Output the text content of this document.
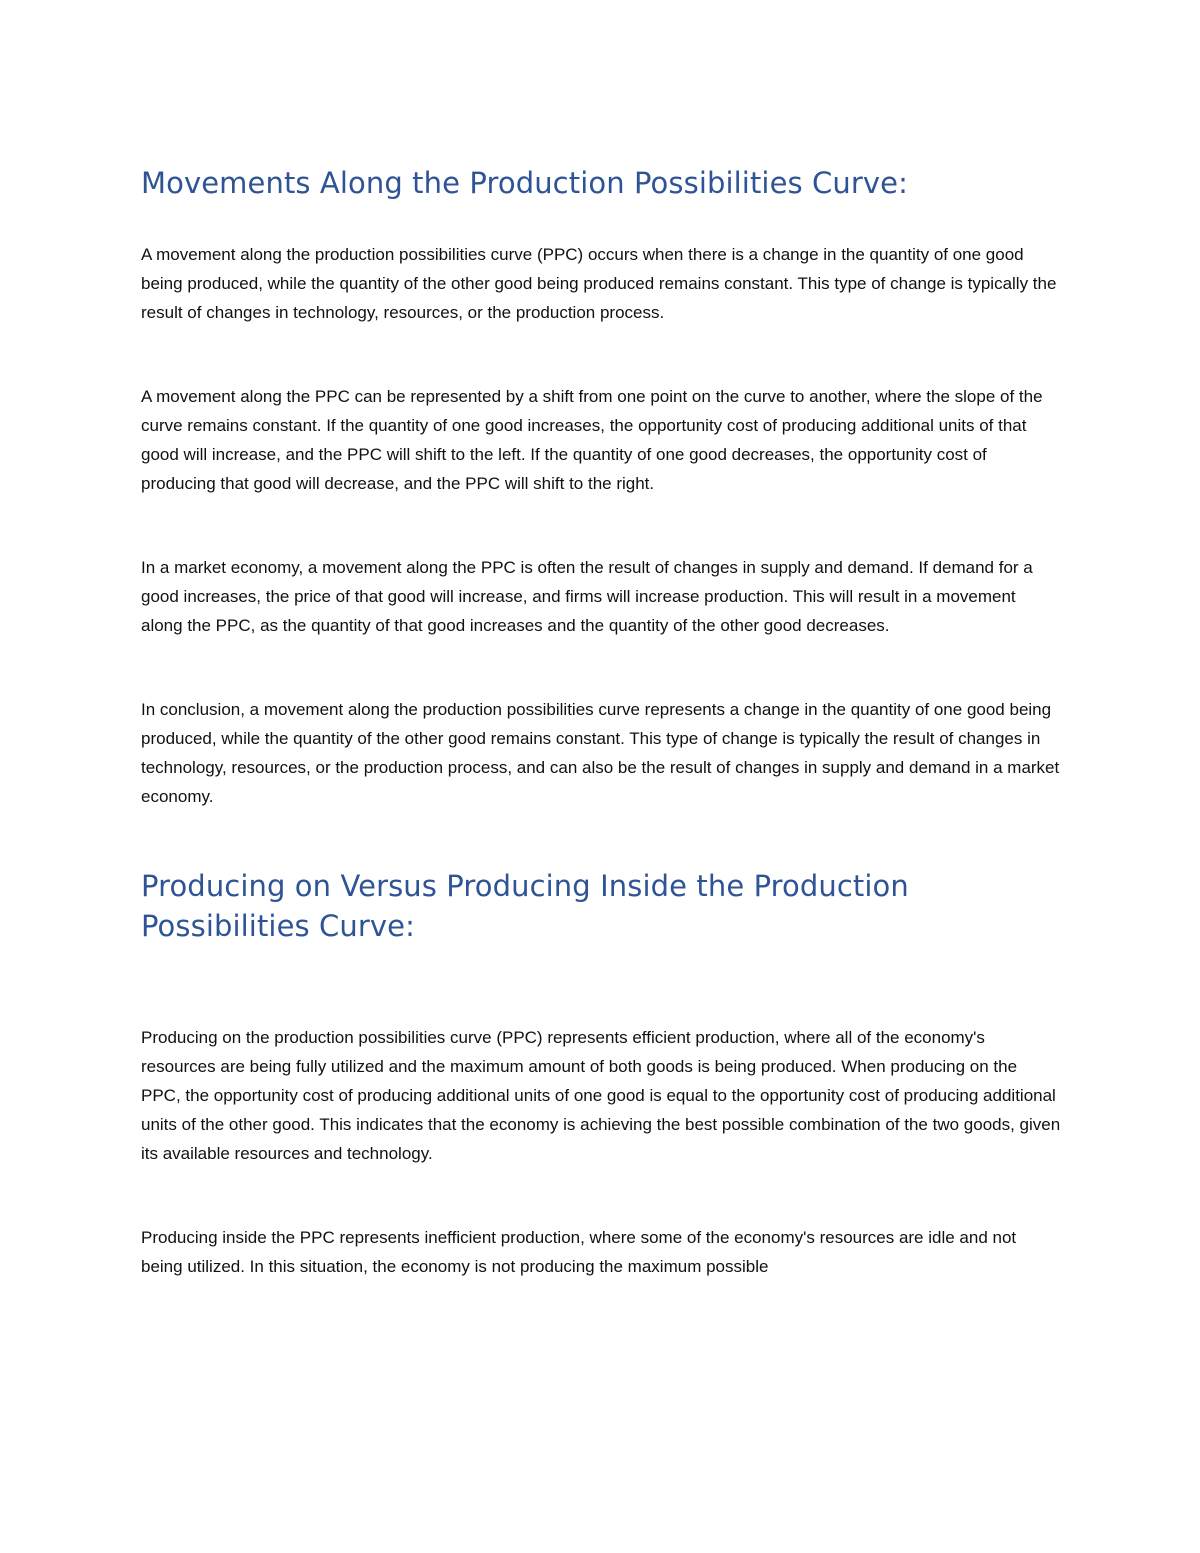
Movements Along the Production Possibilities Curve:

A movement along the production possibilities curve (PPC) occurs when there is a change in the quantity of one good being produced, while the quantity of the other good being produced remains constant. This type of change is typically the result of changes in technology, resources, or the production process.

A movement along the PPC can be represented by a shift from one point on the curve to another, where the slope of the curve remains constant. If the quantity of one good increases, the opportunity cost of producing additional units of that good will increase, and the PPC will shift to the left. If the quantity of one good decreases, the opportunity cost of producing that good will decrease, and the PPC will shift to the right.

In a market economy, a movement along the PPC is often the result of changes in supply and demand. If demand for a good increases, the price of that good will increase, and firms will increase production. This will result in a movement along the PPC, as the quantity of that good increases and the quantity of the other good decreases.

In conclusion, a movement along the production possibilities curve represents a change in the quantity of one good being produced, while the quantity of the other good remains constant. This type of change is typically the result of changes in technology, resources, or the production process, and can also be the result of changes in supply and demand in a market economy.

Producing on Versus Producing Inside the Production Possibilities Curve:

Producing on the production possibilities curve (PPC) represents efficient production, where all of the economy's resources are being fully utilized and the maximum amount of both goods is being produced. When producing on the PPC, the opportunity cost of producing additional units of one good is equal to the opportunity cost of producing additional units of the other good. This indicates that the economy is achieving the best possible combination of the two goods, given its available resources and technology.

Producing inside the PPC represents inefficient production, where some of the economy's resources are idle and not being utilized. In this situation, the economy is not producing the maximum possible
